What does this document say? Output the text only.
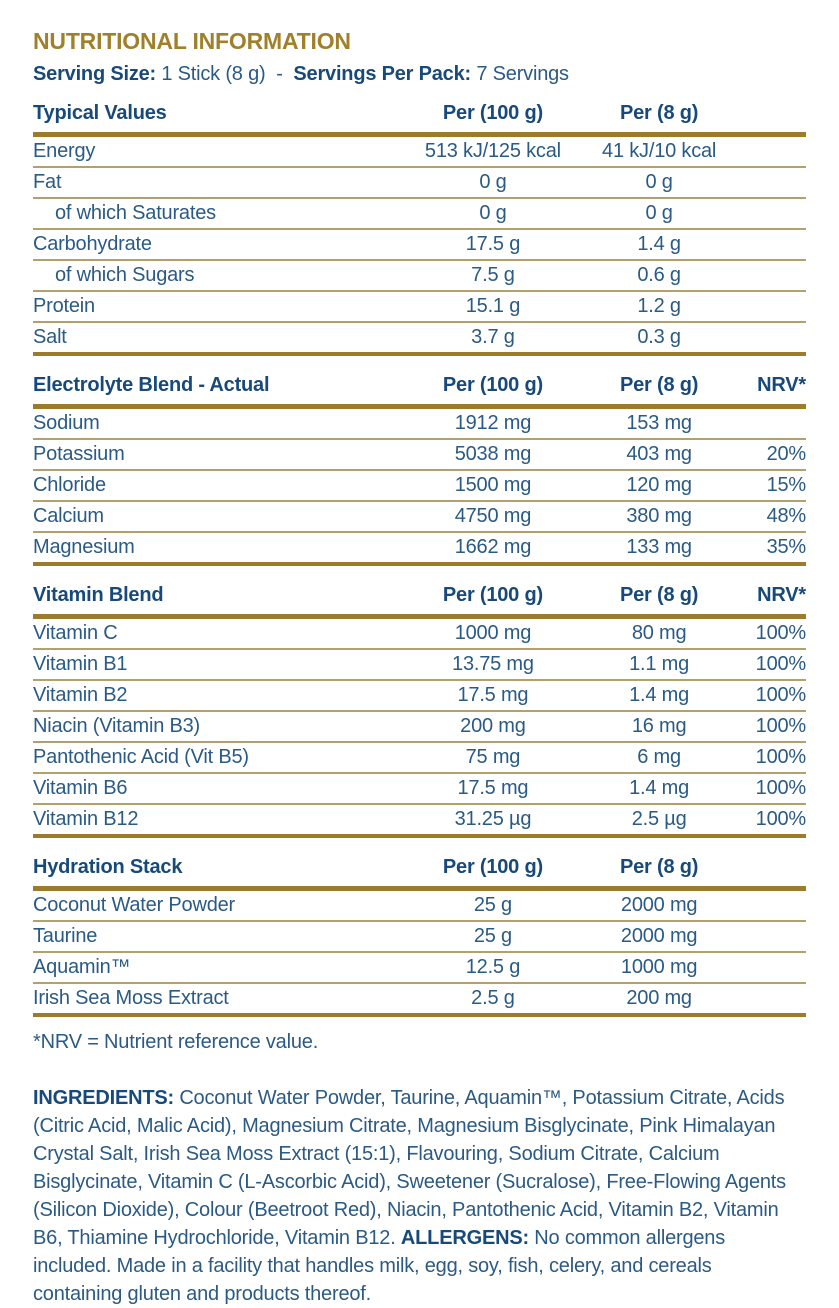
NUTRITIONAL INFORMATION

Serving Size: 1 Stick (8 g) - Servings Per Pack: 7 Servings

Typical Values	Per (100 g)	Per (8 g)	
Energy	513 kJ/125 kcal	41 kJ/10 kcal	
Fat	0 g	0 g	
of which Saturates	0 g	0 g	
Carbohydrate	17.5 g	1.4 g	
of which Sugars	7.5 g	0.6 g	
Protein	15.1 g	1.2 g	
Salt	3.7 g	0.3 g	
Electrolyte Blend - Actual	Per (100 g)	Per (8 g)	NRV*
Sodium	1912 mg	153 mg	
Potassium	5038 mg	403 mg	20%
Chloride	1500 mg	120 mg	15%
Calcium	4750 mg	380 mg	48%
Magnesium	1662 mg	133 mg	35%
Vitamin Blend	Per (100 g)	Per (8 g)	NRV*
Vitamin C	1000 mg	80 mg	100%
Vitamin B1	13.75 mg	1.1 mg	100%
Vitamin B2	17.5 mg	1.4 mg	100%
Niacin (Vitamin B3)	200 mg	16 mg	100%
Pantothenic Acid (Vit B5)	75 mg	6 mg	100%
Vitamin B6	17.5 mg	1.4 mg	100%
Vitamin B12	31.25 µg	2.5 µg	100%
Hydration Stack	Per (100 g)	Per (8 g)	
Coconut Water Powder	25 g	2000 mg	
Taurine	25 g	2000 mg	
Aquamin™	12.5 g	1000 mg	
Irish Sea Moss Extract	2.5 g	200 mg	

*NRV = Nutrient reference value.

INGREDIENTS: Coconut Water Powder, Taurine, Aquamin™, Potassium Citrate, Acids (Citric Acid, Malic Acid), Magnesium Citrate, Magnesium Bisglycinate, Pink Himalayan Crystal Salt, Irish Sea Moss Extract (15:1), Flavouring, Sodium Citrate, Calcium Bisglycinate, Vitamin C (L-Ascorbic Acid), Sweetener (Sucralose), Free-Flowing Agents (Silicon Dioxide), Colour (Beetroot Red), Niacin, Pantothenic Acid, Vitamin B2, Vitamin B6, Thiamine Hydrochloride, Vitamin B12. ALLERGENS: No common allergens included. Made in a facility that handles milk, egg, soy, fish, celery, and cereals containing gluten and products thereof.
